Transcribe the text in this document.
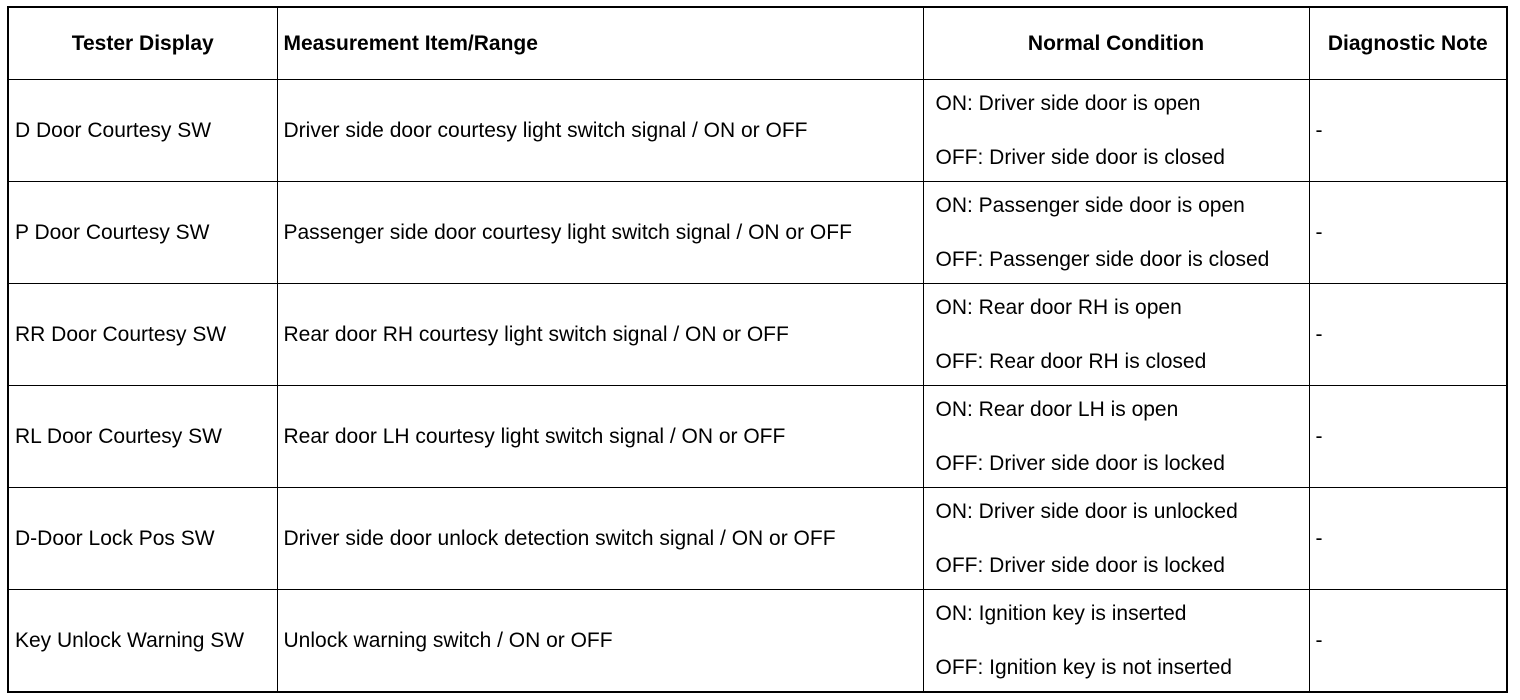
Tester Display	Measurement Item/Range	Normal Condition	Diagnostic Note
D Door Courtesy SW	Driver side door courtesy light switch signal / ON or OFF	ON: Driver side door is open
OFF: Driver side door is closed	-
P Door Courtesy SW	Passenger side door courtesy light switch signal / ON or OFF	ON: Passenger side door is open
OFF: Passenger side door is closed	-
RR Door Courtesy SW	Rear door RH courtesy light switch signal / ON or OFF	ON: Rear door RH is open
OFF: Rear door RH is closed	-
RL Door Courtesy SW	Rear door LH courtesy light switch signal / ON or OFF	ON: Rear door LH is open
OFF: Driver side door is locked	-
D-Door Lock Pos SW	Driver side door unlock detection switch signal / ON or OFF	ON: Driver side door is unlocked
OFF: Driver side door is locked	-
Key Unlock Warning SW	Unlock warning switch / ON or OFF	ON: Ignition key is inserted
OFF: Ignition key is not inserted	-
